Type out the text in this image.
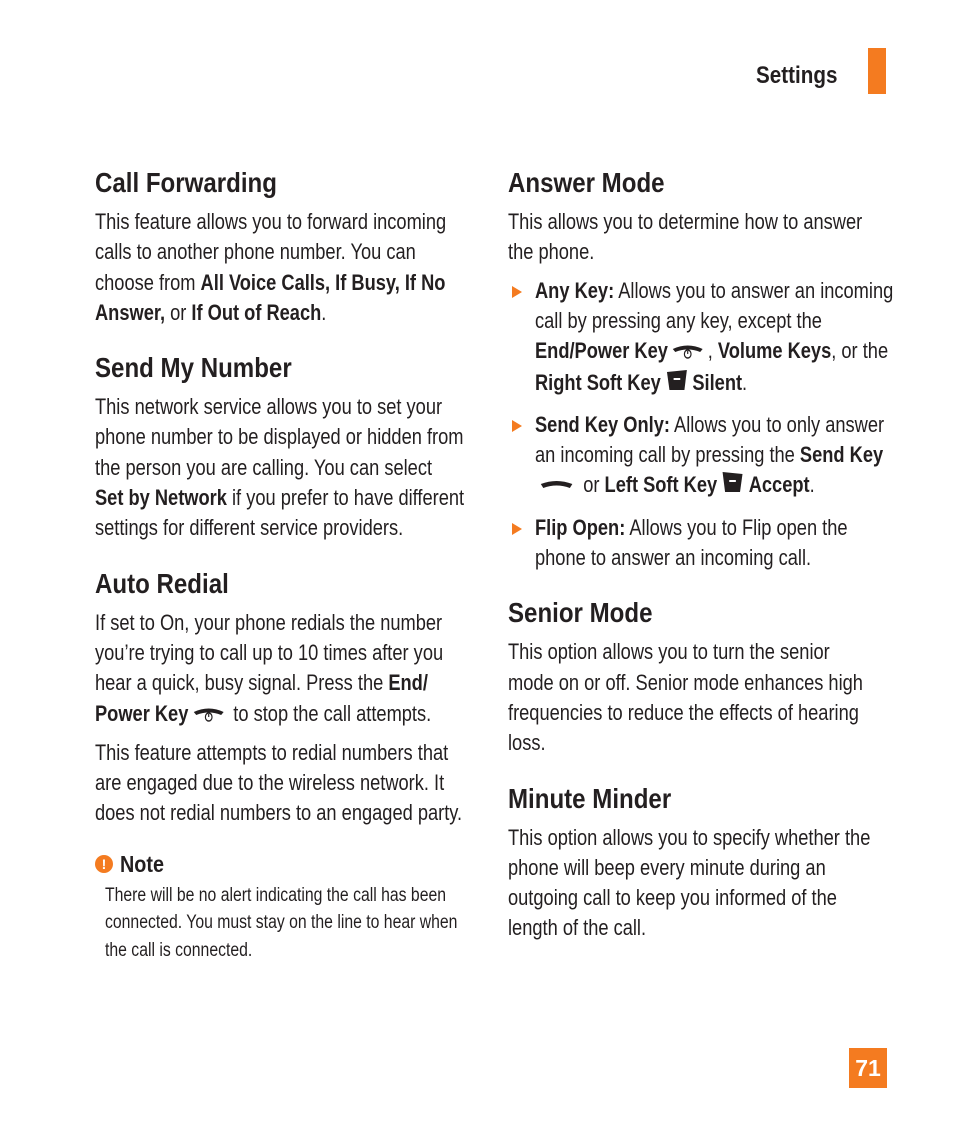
Settings
Call Forwarding

This feature allows you to forward incoming calls to another phone number. You can choose from All Voice Calls, If Busy, If No Answer, or If Out of Reach.

Send My Number

This network service allows you to set your phone number to be displayed or hidden from the person you are calling. You can select Set by Network if you prefer to have different settings for different service providers.

Auto Redial

If set to On, your phone redials the number you’re trying to call up to 10 times after you hear a quick, busy signal. Press the End/ Power Key to stop the call attempts.

This feature attempts to redial numbers that are engaged due to the wireless network. It does not redial numbers to an engaged party.

! Note

There will be no alert indicating the call has been connected. You must stay on the line to hear when the call is connected.

Answer Mode

This allows you to determine how to answer the phone.

Any Key: Allows you to answer an incoming call by pressing any key, except the End/Power Key , Volume Keys, or the Right Soft Key Silent.

Send Key Only: Allows you to only answer an incoming call by pressing the Send Key or Left Soft Key Accept.

Flip Open: Allows you to Flip open the phone to answer an incoming call.

Senior Mode

This option allows you to turn the senior mode on or off. Senior mode enhances high frequencies to reduce the effects of hearing loss.

Minute Minder

This option allows you to specify whether the phone will beep every minute during an outgoing call to keep you informed of the length of the call.

71
